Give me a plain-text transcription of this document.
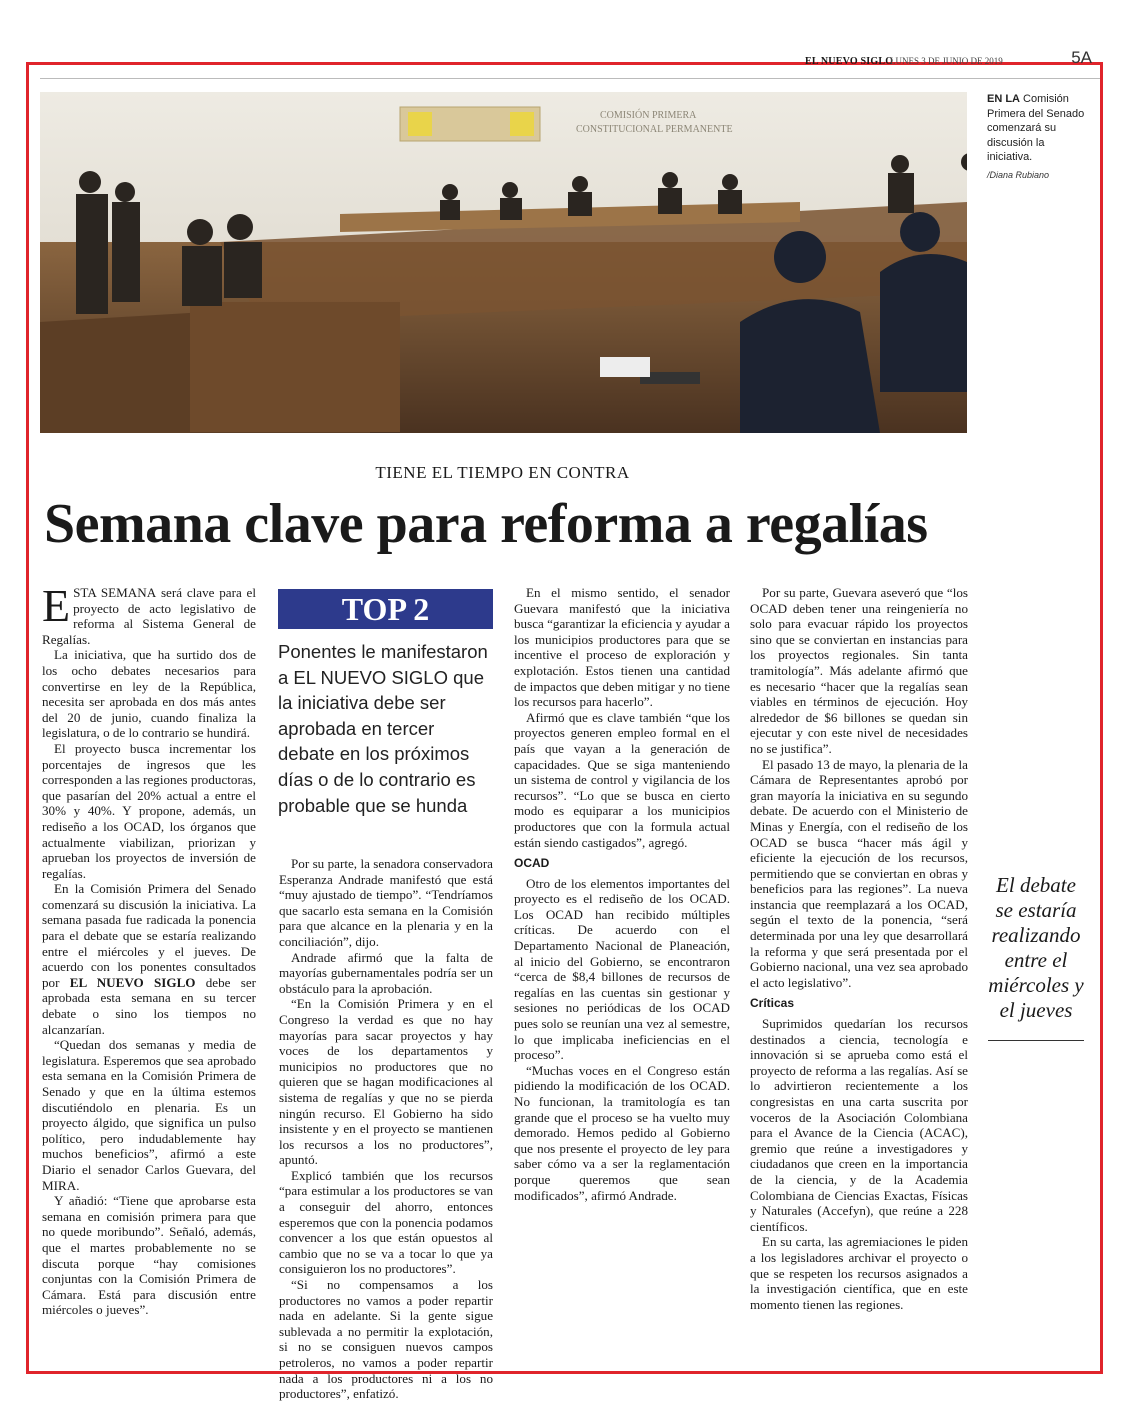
EL NUEVO SIGLO
LUNES 3 DE JUNIO DE 2019	5A
COMISIÓN PRIMERA
CONSTITUCIONAL PERMANENTE
EN LA Comisión Primera del Senado comenzará su discusión la iniciativa.
/Diana Rubiano
TIENE EL TIEMPO EN CONTRA
Semana clave para reforma a regalías

ESTA SEMANA será clave para el proyecto de acto legislativo de reforma al Sistema General de Regalías.

La iniciativa, que ha surtido dos de los ocho debates necesarios para convertirse en ley de la República, necesita ser aprobada en dos más antes del 20 de junio, cuando finaliza la legislatura, o de lo contrario se hundirá.

El proyecto busca incrementar los porcentajes de ingresos que les corresponden a las regiones productoras, que pasarían del 20% actual a entre el 30% y 40%. Y propone, además, un rediseño a los OCAD, los órganos que actualmente viabilizan, priorizan y aprueban los proyectos de inversión de regalías.

En la Comisión Primera del Senado comenzará su discusión la iniciativa. La semana pasada fue radicada la ponencia para el debate que se estaría realizando entre el miércoles y el jueves. De acuerdo con los ponentes consultados por EL NUEVO SIGLO debe ser aprobada esta semana en su tercer debate o sino los tiempos no alcanzarían.

“Quedan dos semanas y media de legislatura. Esperemos que sea aprobado esta semana en la Comisión Primera de Senado y que en la última estemos discutiéndolo en plenaria. Es un proyecto álgido, que significa un pulso político, pero indudablemente hay muchos beneficios”, afirmó a este Diario el senador Carlos Guevara, del MIRA.

Y añadió: “Tiene que aprobarse esta semana en comisión primera para que no quede moribundo”. Señaló, además, que el martes probablemente no se discuta porque “hay comisiones conjuntas con la Comisión Primera de Cámara. Está para discusión entre miércoles o jueves”.

TOP 2
Ponentes le manifestaron a EL NUEVO SIGLO que la iniciativa debe ser aprobada en tercer debate en los próximos días o de lo contrario es probable que se hunda

Por su parte, la senadora conservadora Esperanza Andrade manifestó que está “muy ajustado de tiempo”. “Tendríamos que sacarlo esta semana en la Comisión para que alcance en la plenaria y en la conciliación”, dijo.

Andrade afirmó que la falta de mayorías gubernamentales podría ser un obstáculo para la aprobación.

“En la Comisión Primera y en el Congreso la verdad es que no hay mayorías para sacar proyectos y hay voces de los departamentos y municipios no productores que no quieren que se hagan modificaciones al sistema de regalías y que no se pierda ningún recurso. El Gobierno ha sido insistente y en el proyecto se mantienen los recursos a los no productores”, apuntó.

Explicó también que los recursos “para estimular a los productores se van a conseguir del ahorro, entonces esperemos que con la ponencia podamos convencer a los que están opuestos al cambio que no se va a tocar lo que ya consiguieron los no productores”.

“Si no compensamos a los productores no vamos a poder repartir nada en adelante. Si la gente sigue sublevada a no permitir la explotación, si no se consiguen nuevos campos petroleros, no vamos a poder repartir nada a los productores ni a los no productores”, enfatizó.

En el mismo sentido, el senador Guevara manifestó que la iniciativa busca “garantizar la eficiencia y ayudar a los municipios productores para que se incentive el proceso de exploración y explotación. Estos tienen una cantidad de impactos que deben mitigar y no tiene los recursos para hacerlo”.

Afirmó que es clave también “que los proyectos generen empleo formal en el país que vayan a la generación de capacidades. Que se siga manteniendo un sistema de control y vigilancia de los recursos”. “Lo que se busca en cierto modo es equiparar a los municipios productores que con la formula actual están siendo castigados”, agregó.

OCAD

Otro de los elementos importantes del proyecto es el rediseño de los OCAD. Los OCAD han recibido múltiples críticas. De acuerdo con el Departamento Nacional de Planeación, al inicio del Gobierno, se encontraron “cerca de $8,4 billones de recursos de regalías en las cuentas sin gestionar y sesiones no periódicas de los OCAD pues solo se reunían una vez al semestre, lo que implicaba ineficiencias en el proceso”.

“Muchas voces en el Congreso están pidiendo la modificación de los OCAD. No funcionan, la tramitología es tan grande que el proceso se ha vuelto muy demorado. Hemos pedido al Gobierno que nos presente el proyecto de ley para saber cómo va a ser la reglamentación porque queremos que sean modificados”, afirmó Andrade.

Por su parte, Guevara aseveró que “los OCAD deben tener una reingeniería no solo para evacuar rápido los proyectos sino que se conviertan en instancias para los proyectos regionales. Sin tanta tramitología”. Más adelante afirmó que es necesario “hacer que la regalías sean viables en términos de ejecución. Hoy alrededor de $6 billones se quedan sin ejecutar y con este nivel de necesidades no se justifica”.

El pasado 13 de mayo, la plenaria de la Cámara de Representantes aprobó por gran mayoría la iniciativa en su segundo debate. De acuerdo con el Ministerio de Minas y Energía, con el rediseño de los OCAD se busca “hacer más ágil y eficiente la ejecución de los recursos, permitiendo que se conviertan en obras y beneficios para las regiones”. La nueva instancia que reemplazará a los OCAD, según el texto de la ponencia, “será determinada por una ley que desarrollará la reforma y que será presentada por el Gobierno nacional, una vez sea aprobado el acto legislativo”.

Críticas

Suprimidos quedarían los recursos destinados a ciencia, tecnología e innovación si se aprueba como está el proyecto de reforma a las regalías. Así se lo advirtieron recientemente a los congresistas en una carta suscrita por voceros de la Asociación Colombiana para el Avance de la Ciencia (ACAC), gremio que reúne a investigadores y ciudadanos que creen en la importancia de la ciencia, y de la Academia Colombiana de Ciencias Exactas, Físicas y Naturales (Accefyn), que reúne a 228 científicos.

En su carta, las agremiaciones le piden a los legisladores archivar el proyecto o que se respeten los recursos asignados a la investigación científica, que en este momento tienen las regiones.

El debate se estaría realizando entre el miércoles y el jueves
